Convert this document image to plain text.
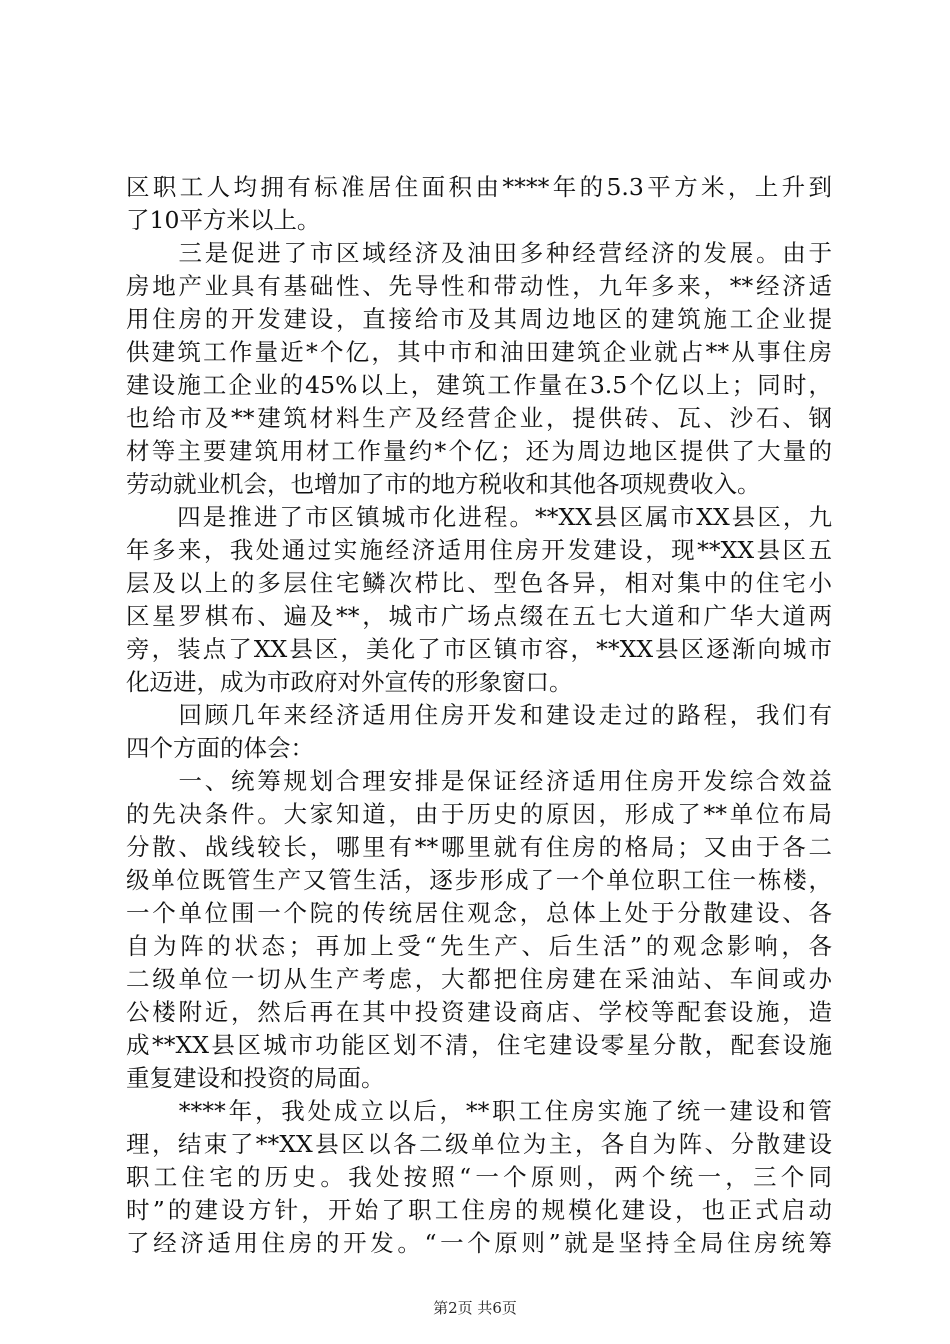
区职工人均拥有标准居住面积由****年的5.3平方米，上升到
了10平方米以上。
　　三是促进了市区域经济及油田多种经营经济的发展。由于
房地产业具有基础性、先导性和带动性，九年多来，**经济适
用住房的开发建设，直接给市及其周边地区的建筑施工企业提
供建筑工作量近*个亿，其中市和油田建筑企业就占**从事住房
建设施工企业的45%以上，建筑工作量在3.5个亿以上；同时，
也给市及**建筑材料生产及经营企业，提供砖、瓦、沙石、钢
材等主要建筑用材工作量约*个亿；还为周边地区提供了大量的
劳动就业机会，也增加了市的地方税收和其他各项规费收入。
　　四是推进了市区镇城市化进程。**XX县区属市XX县区，九
年多来，我处通过实施经济适用住房开发建设，现**XX县区五
层及以上的多层住宅鳞次栉比、型色各异，相对集中的住宅小
区星罗棋布、遍及**，城市广场点缀在五七大道和广华大道两
旁，装点了XX县区，美化了市区镇市容，**XX县区逐渐向城市
化迈进，成为市政府对外宣传的形象窗口。
　　回顾几年来经济适用住房开发和建设走过的路程，我们有
四个方面的体会：
　　一、统筹规划合理安排是保证经济适用住房开发综合效益
的先决条件。大家知道，由于历史的原因，形成了**单位布局
分散、战线较长，哪里有**哪里就有住房的格局；又由于各二
级单位既管生产又管生活，逐步形成了一个单位职工住一栋楼，
一个单位围一个院的传统居住观念，总体上处于分散建设、各
自为阵的状态；再加上受“先生产、后生活”的观念影响，各
二级单位一切从生产考虑，大都把住房建在采油站、车间或办
公楼附近，然后再在其中投资建设商店、学校等配套设施，造
成**XX县区城市功能区划不清，住宅建设零星分散，配套设施
重复建设和投资的局面。
　　****年，我处成立以后，**职工住房实施了统一建设和管
理，结束了**XX县区以各二级单位为主，各自为阵、分散建设
职工住宅的历史。我处按照“一个原则，两个统一，三个同
时”的建设方针，开始了职工住房的规模化建设，也正式启动
了经济适用住房的开发。“一个原则”就是坚持全局住房统筹
第2页 共6页
